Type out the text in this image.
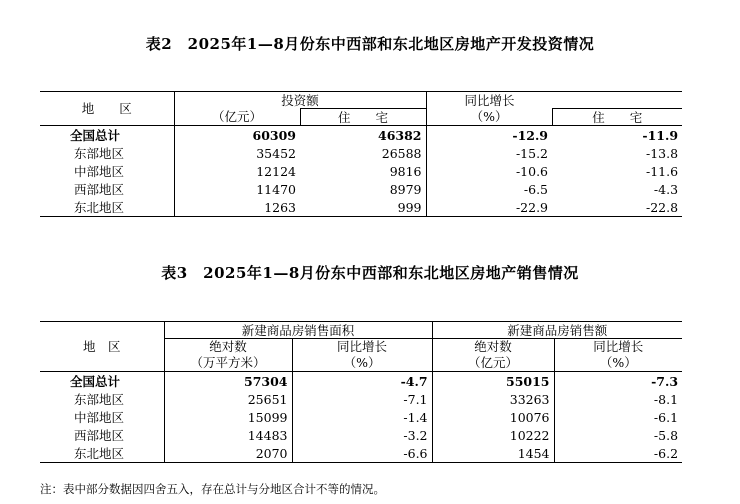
表2　2025年1—8月份东中西部和东北地区房地产开发投资情况
地　　区	投资额		同比增长	
	（亿元）	住　　宅	（%）	住　　宅
全国总计	60309	46382	-12.9	-11.9
东部地区	35452	26588	-15.2	-13.8
中部地区	12124	9816	-10.6	-11.6
西部地区	11470	8979	-6.5	-4.3
东北地区	1263	999	-22.9	-22.8
表3　2025年1—8月份东中西部和东北地区房地产销售情况
地　区	新建商品房销售面积		新建商品房销售额	
	绝对数	同比增长	绝对数	同比增长
	（万平方米）	（%）	（亿元）	（%）
全国总计	57304	-4.7	55015	-7.3
东部地区	25651	-7.1	33263	-8.1
中部地区	15099	-1.4	10076	-6.1
西部地区	14483	-3.2	10222	-5.8
东北地区	2070	-6.6	1454	-6.2
注：表中部分数据因四舍五入，存在总计与分地区合计不等的情况。
